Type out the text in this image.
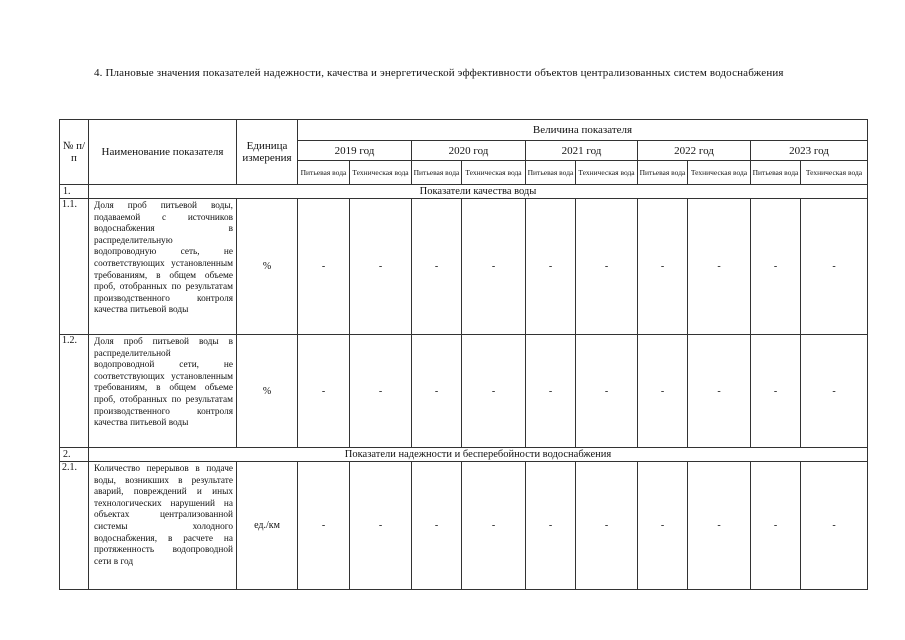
4. Плановые значения показателей надежности, качества и энергетической эффективности объектов централизованных систем водоснабжения
№ п/п	Наименование показателя	Единица измерения	Величина показателя									
			2019 год		2020 год		2021 год		2022 год		2023 год	
			Питьевая вода	Техническая вода	Питьевая вода	Техническая вода	Питьевая вода	Техническая вода	Питьевая вода	Техническая вода	Питьевая вода	Техническая вода
1.	Показатели качества воды											
1.1.	Доля проб питьевой воды, подаваемой с источников водоснабжения в распределительную водопроводную сеть, не соответствующих установленным требованиям, в общем объеме проб, отобранных по результатам производственного контроля качества питьевой воды	%	-	-	-	-	-	-	-	-	-	-
1.2.	Доля проб питьевой воды в распределительной водопроводной сети, не соответствующих установленным требованиям, в общем объеме проб, отобранных по результатам производственного контроля качества питьевой воды	%	-	-	-	-	-	-	-	-	-	-
2.	Показатели надежности и бесперебойности водоснабжения											
2.1.	Количество перерывов в подаче воды, возникших в результате аварий, повреждений и иных технологических нарушений на объектах централизованной системы холодного водоснабжения, в расчете на протяженность водопроводной сети в год	ед./км	-	-	-	-	-	-	-	-	-	-
